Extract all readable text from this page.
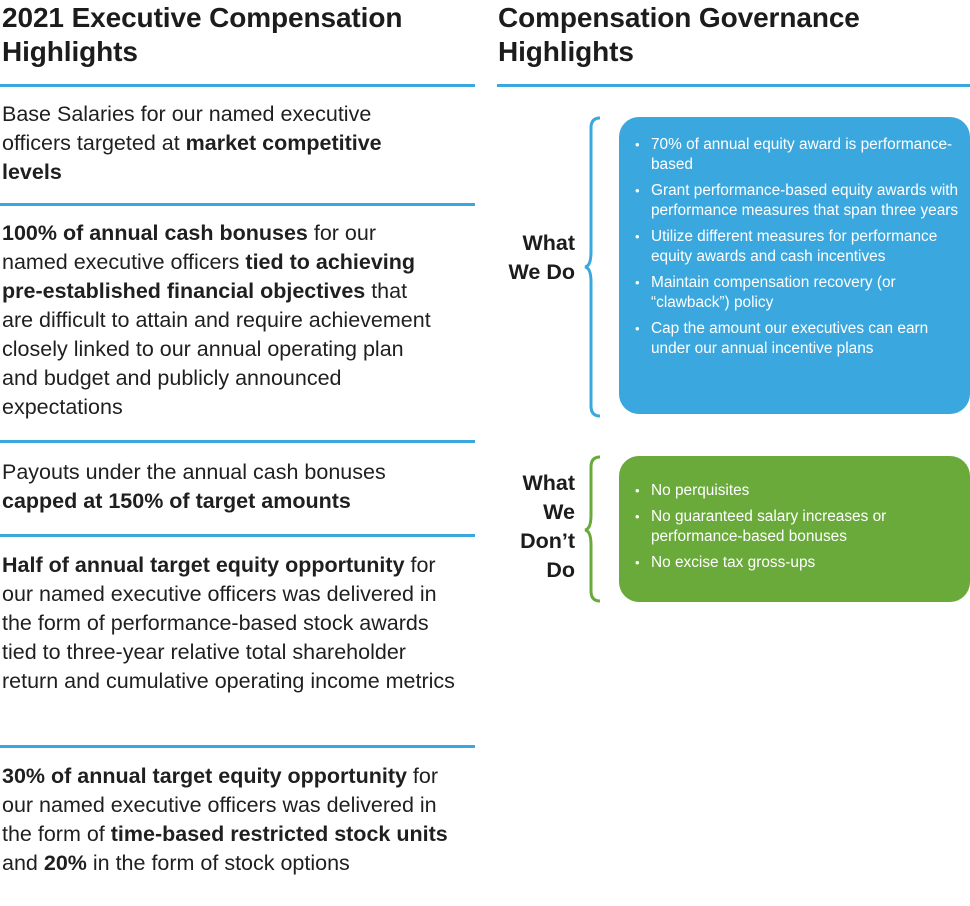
2021 Executive Compensation
Highlights
Base Salaries for our named executive officers targeted at market competitive levels
100% of annual cash bonuses for our named executive officers tied to achieving pre-established financial objectives that are difficult to attain and require achievement closely linked to our annual operating plan and budget and publicly announced expectations
Payouts under the annual cash bonuses capped at 150% of target amounts
Half of annual target equity opportunity for our named executive officers was delivered in the form of performance-based stock awards tied to three-year relative total shareholder return and cumulative operating income metrics
30% of annual target equity opportunity for our named executive officers was delivered in the form of time-based restricted stock units and 20% in the form of stock options
Compensation Governance
Highlights
What
We Do
• 70% of annual equity award is performance-based
• Grant performance-based equity awards with performance measures that span three years
• Utilize different measures for performance equity awards and cash incentives
• Maintain compensation recovery (or “clawback”) policy
• Cap the amount our executives can earn under our annual incentive plans
What
We
Don’t
Do
• No perquisites
• No guaranteed salary increases or performance-based bonuses
• No excise tax gross-ups
